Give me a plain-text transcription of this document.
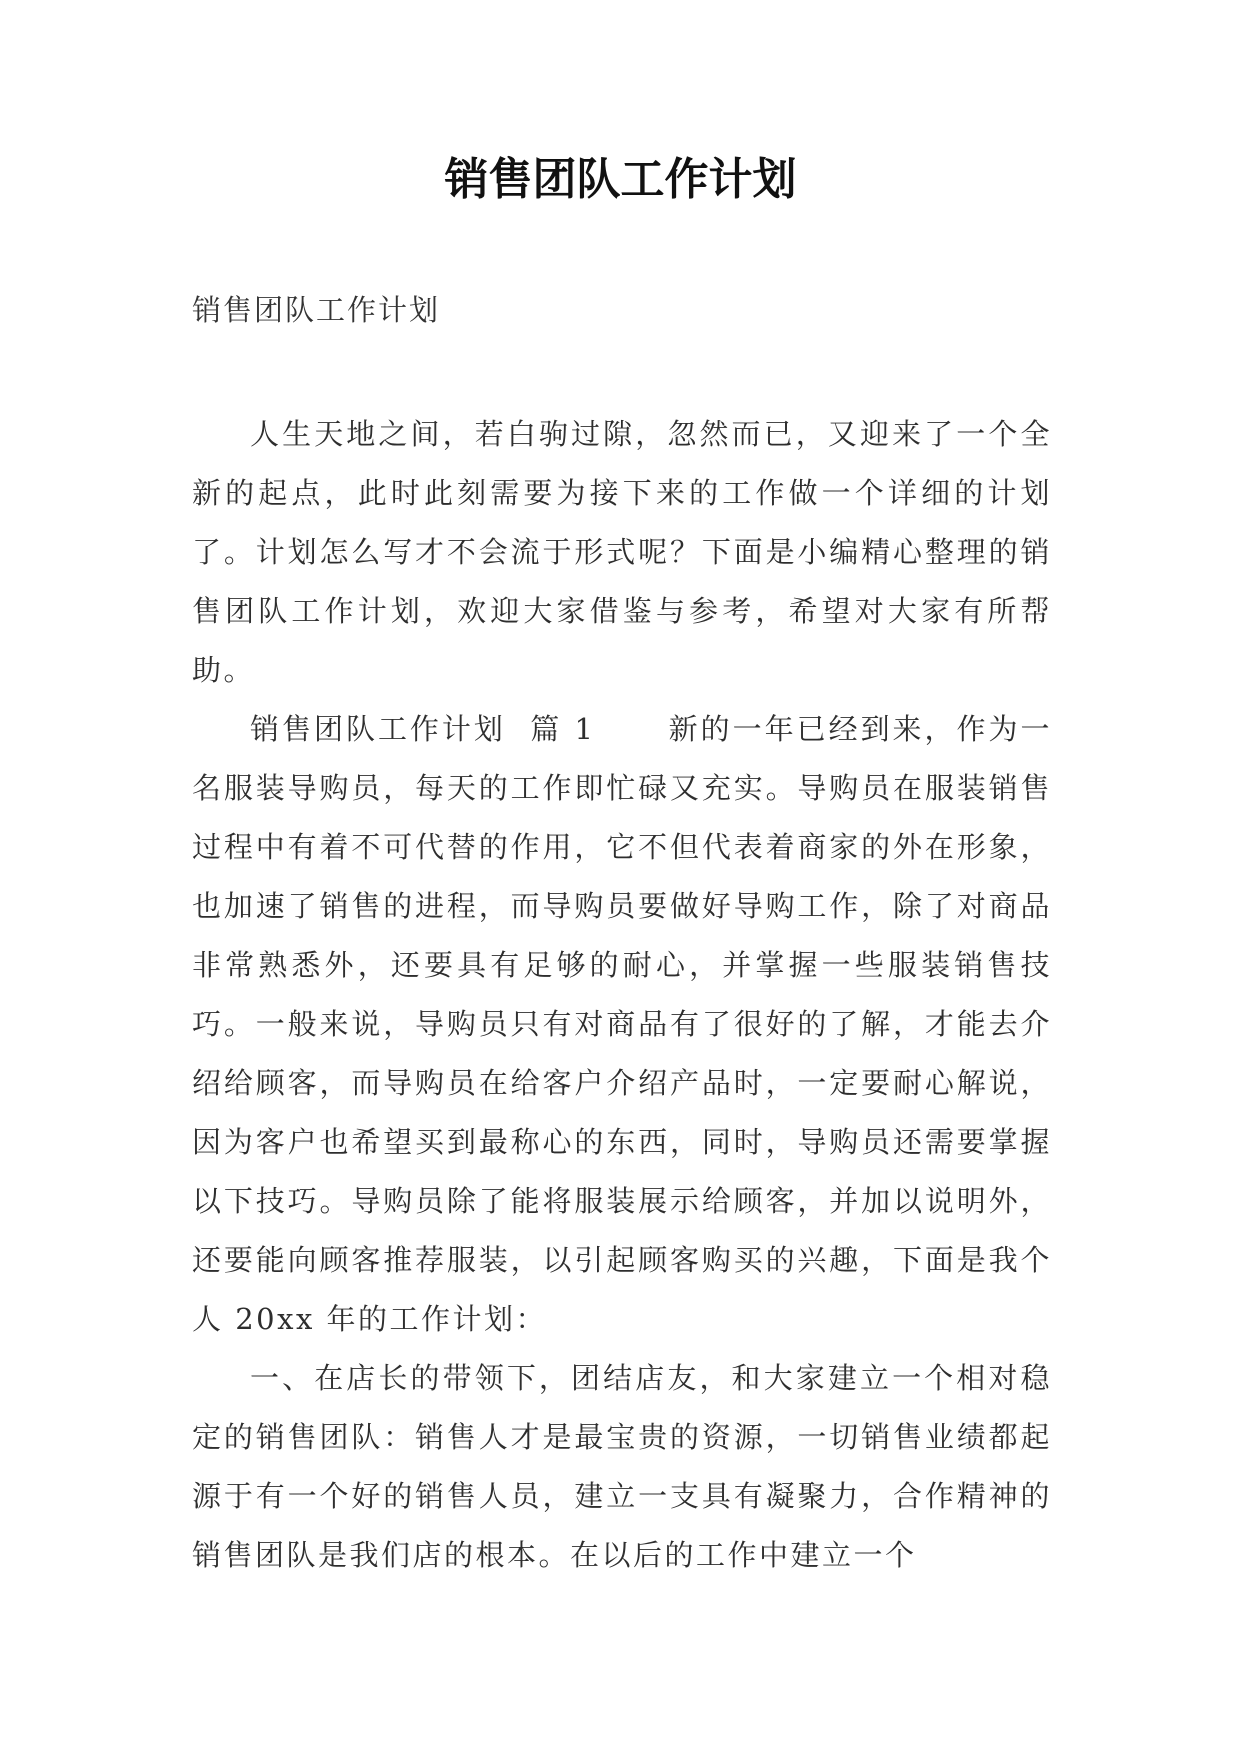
销售团队工作计划
销售团队工作计划

人生天地之间，若白驹过隙，忽然而已，又迎来了一个全新的起点，此时此刻需要为接下来的工作做一个详细的计划了。计划怎么写才不会流于形式呢？下面是小编精心整理的销售团队工作计划，欢迎大家借鉴与参考，希望对大家有所帮助。

销售团队工作计划  篇 1      新的一年已经到来，作为一名服装导购员，每天的工作即忙碌又充实。导购员在服装销售过程中有着不可代替的作用，它不但代表着商家的外在形象，也加速了销售的进程，而导购员要做好导购工作，除了对商品非常熟悉外，还要具有足够的耐心，并掌握一些服装销售技巧。一般来说，导购员只有对商品有了很好的了解，才能去介绍给顾客，而导购员在给客户介绍产品时，一定要耐心解说，因为客户也希望买到最称心的东西，同时，导购员还需要掌握以下技巧。导购员除了能将服装展示给顾客，并加以说明外，还要能向顾客推荐服装，以引起顾客购买的兴趣，下面是我个人 20xx 年的工作计划：

一、在店长的带领下，团结店友，和大家建立一个相对稳定的销售团队：销售人才是最宝贵的资源，一切销售业绩都起源于有一个好的销售人员，建立一支具有凝聚力，合作精神的销售团队是我们店的根本。在以后的工作中建立一个
